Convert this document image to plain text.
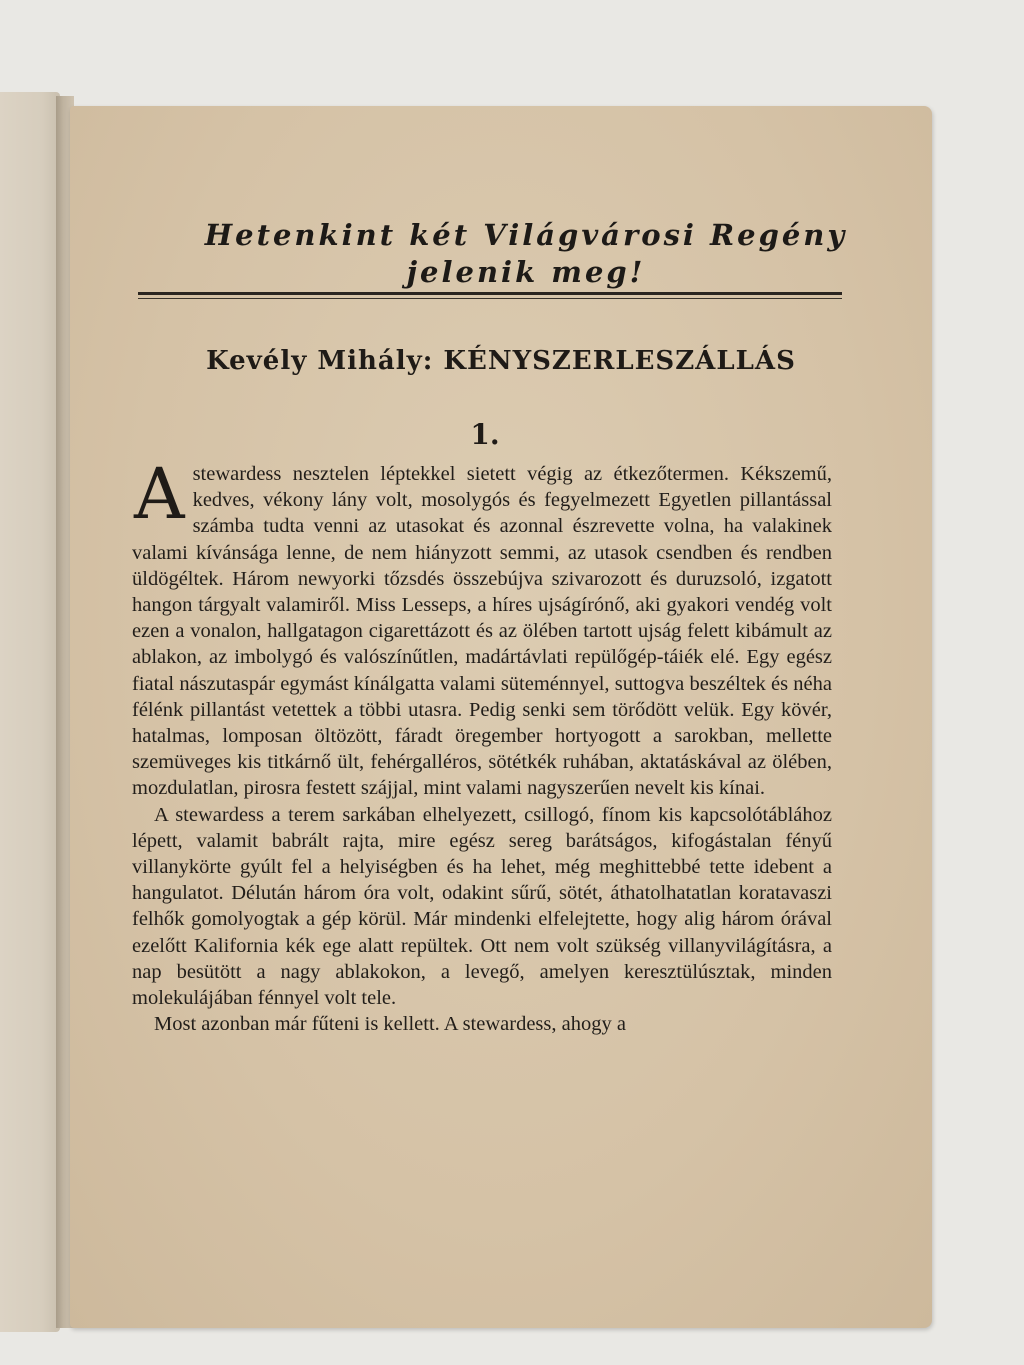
Hetenkint két Világvárosi Regény
jelenik meg!
Kevély Mihály: KÉNYSZERLESZÁLLÁS
1.

Astewardess nesztelen léptekkel sietett végig az étkezőtermen. Kékszemű, kedves, vékony lány volt, mosolygós és fegyelmezett Egyetlen pillantással számba tudta venni az utasokat és azonnal észrevette volna, ha valakinek valami kívánsága lenne, de nem hiányzott semmi, az utasok csendben és rendben üldögéltek. Három newyorki tőzsdés összebújva szivarozott és duruzsoló, izgatott hangon tárgyalt valamiről. Miss Lesseps, a híres ujságírónő, aki gyakori vendég volt ezen a vonalon, hallgatagon cigarettázott és az ölében tartott ujság felett kibámult az ablakon, az imbolygó és valószínűtlen, madártávlati repülőgép-táiék elé. Egy egész fiatal nászutaspár egymást kínálgatta valami süteménnyel, suttogva beszéltek és néha félénk pillantást vetettek a többi utasra. Pedig senki sem törődött velük. Egy kövér, hatalmas, lomposan öltözött, fáradt öregember hortyogott a sarokban, mellette szemüveges kis titkárnő ült, fehérgalléros, sötétkék ruhában, aktatáskával az ölében, mozdulatlan, pirosra festett szájjal, mint valami nagyszerűen nevelt kis kínai.

A stewardess a terem sarkában elhelyezett, csillogó, fínom kis kapcsolótáblához lépett, valamit babrált rajta, mire egész sereg barátságos, kifogástalan fényű villanykörte gyúlt fel a helyiségben és ha lehet, még meghittebbé tette idebent a hangulatot. Délután három óra volt, odakint sűrű, sötét, áthatolhatatlan koratavaszi felhők gomolyogtak a gép körül. Már mindenki elfelejtette, hogy alig három órával ezelőtt Kalifornia kék ege alatt repültek. Ott nem volt szükség villanyvilágításra, a nap besütött a nagy ablakokon, a levegő, amelyen keresztülúsztak, minden molekulájában fénnyel volt tele.

Most azonban már fűteni is kellett. A stewardess, ahogy a
